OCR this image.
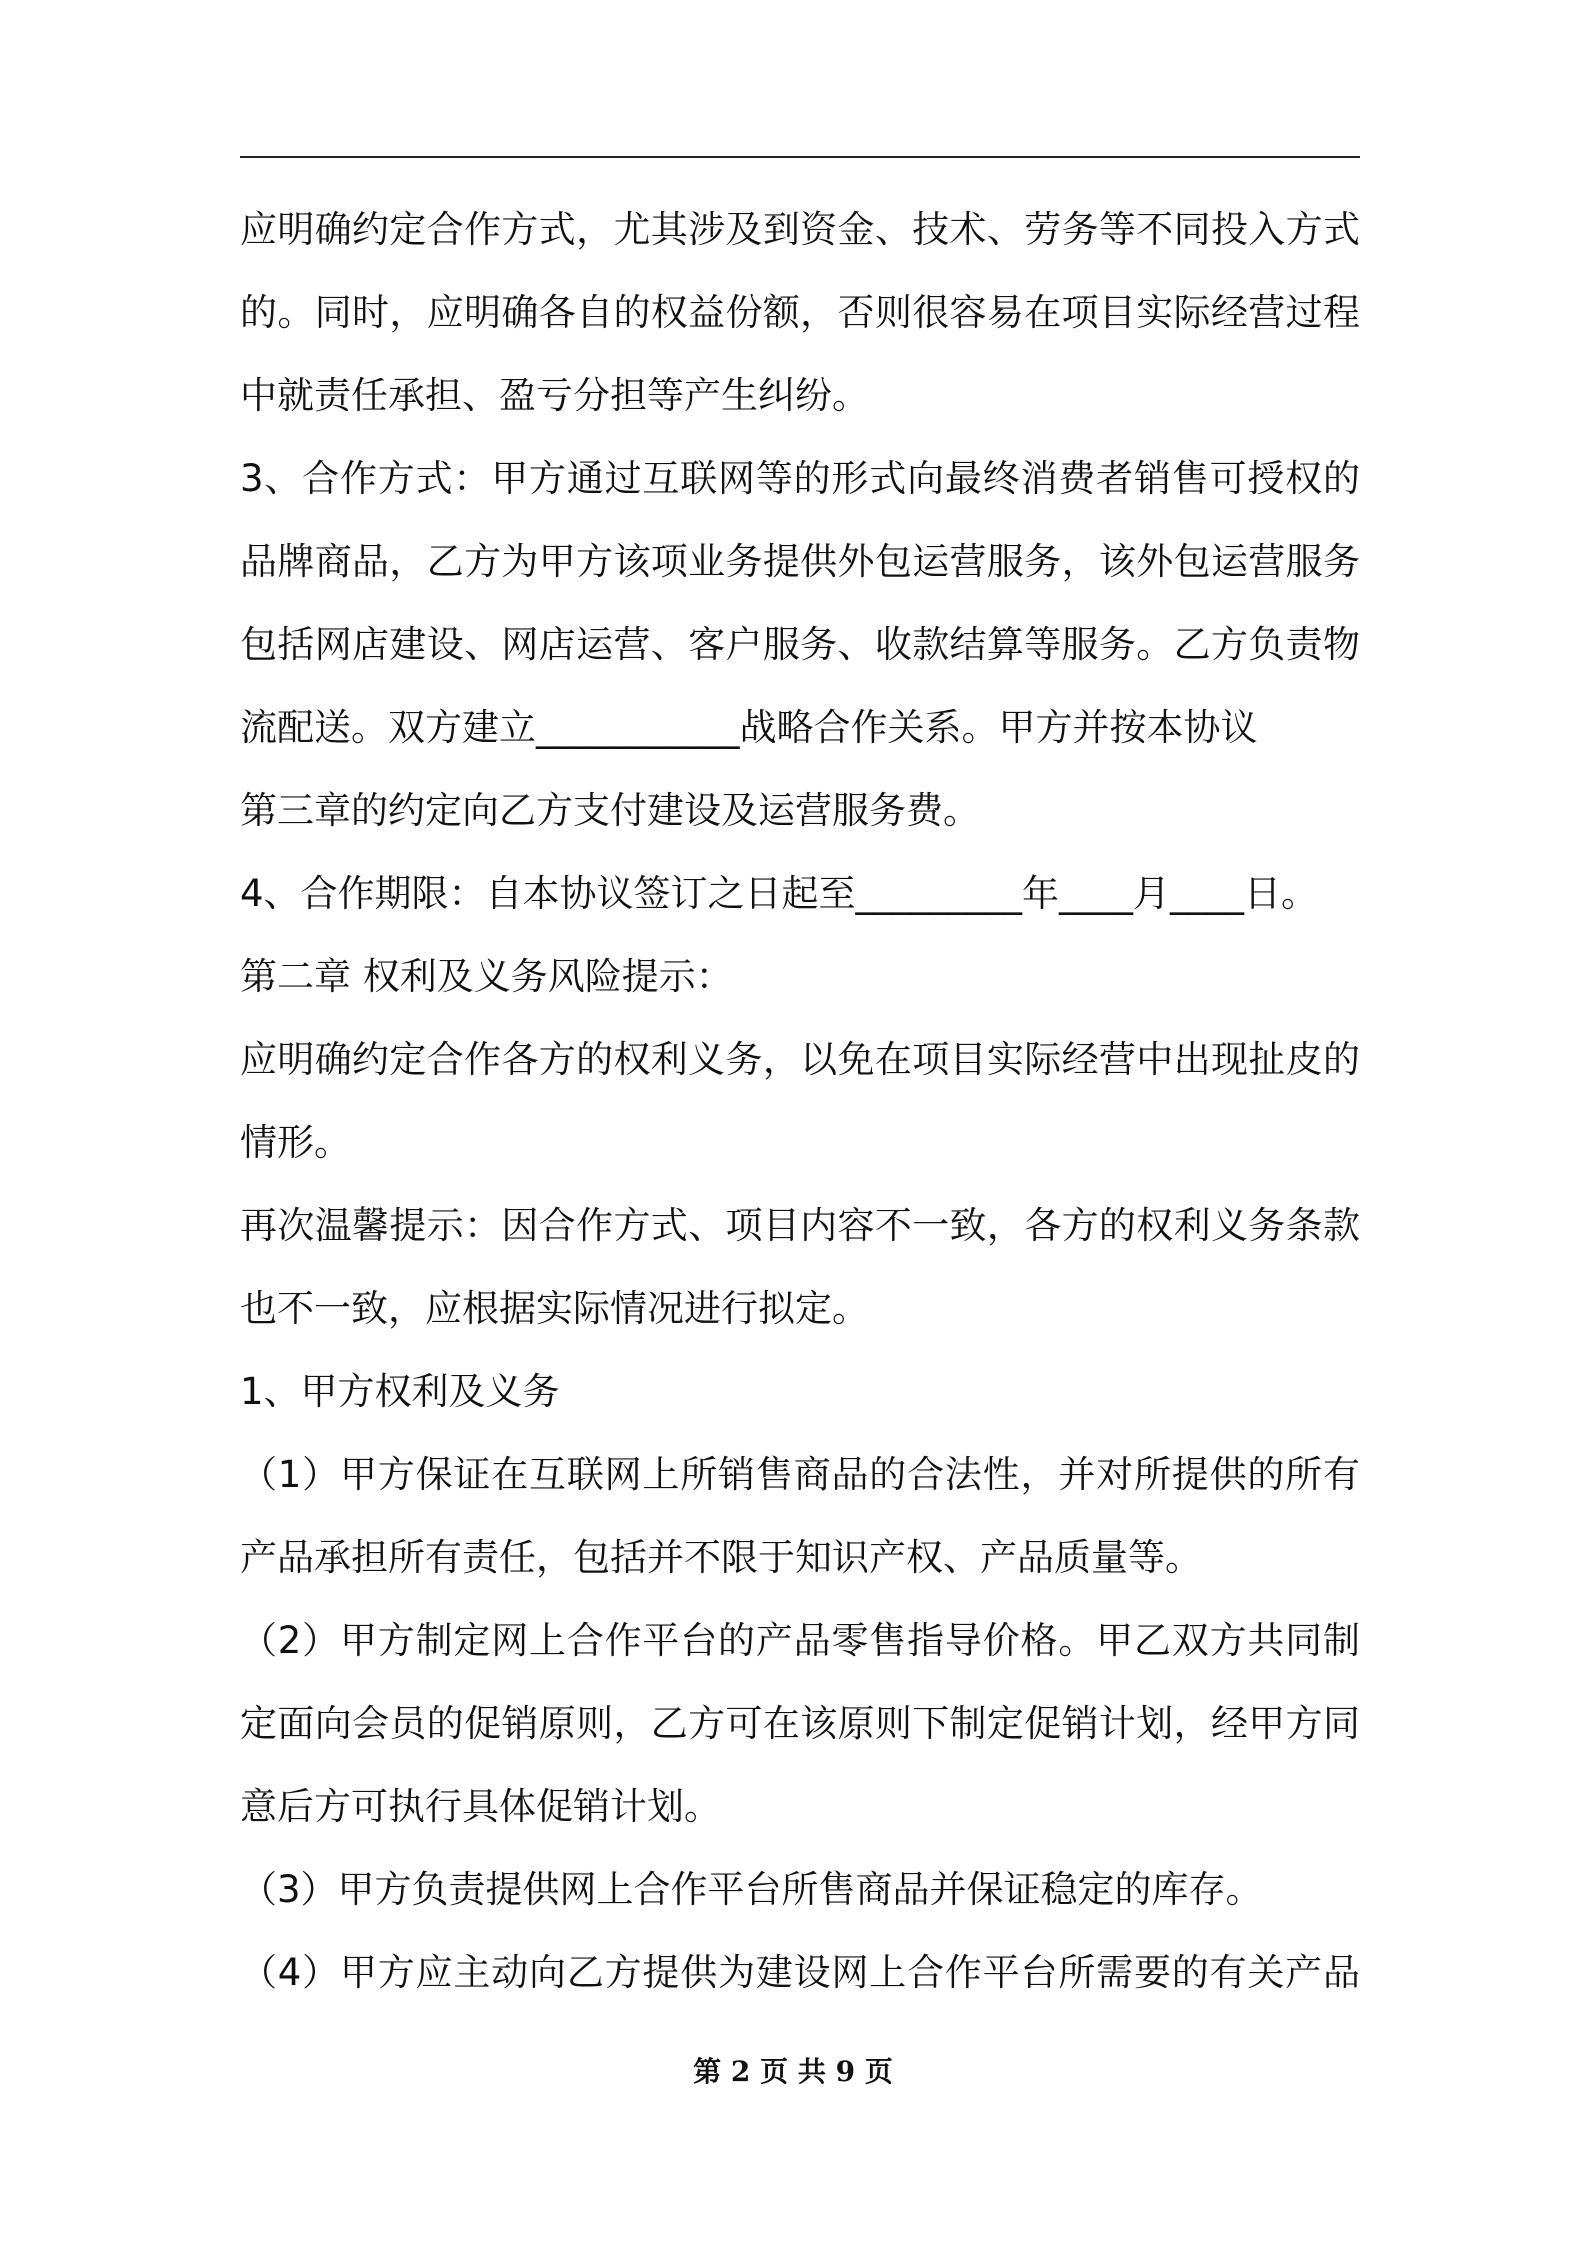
应明确约定合作方式，尤其涉及到资金、技术、劳务等不同投入方式
的。同时，应明确各自的权益份额，否则很容易在项目实际经营过程
中就责任承担、盈亏分担等产生纠纷。
3、合作方式：甲方通过互联网等的形式向最终消费者销售可授权的
品牌商品，乙方为甲方该项业务提供外包运营服务，该外包运营服务
包括网店建设、网店运营、客户服务、收款结算等服务。乙方负责物
流配送。双方建立___________战略合作关系。甲方并按本协议
第三章的约定向乙方支付建设及运营服务费。
4、合作期限：自本协议签订之日起至_________年____月____日。
第二章 权利及义务风险提示：
应明确约定合作各方的权利义务，以免在项目实际经营中出现扯皮的
情形。
再次温馨提示：因合作方式、项目内容不一致，各方的权利义务条款
也不一致，应根据实际情况进行拟定。
1、甲方权利及义务
（1）甲方保证在互联网上所销售商品的合法性，并对所提供的所有
产品承担所有责任，包括并不限于知识产权、产品质量等。
（2）甲方制定网上合作平台的产品零售指导价格。甲乙双方共同制
定面向会员的促销原则，乙方可在该原则下制定促销计划，经甲方同
意后方可执行具体促销计划。
（3）甲方负责提供网上合作平台所售商品并保证稳定的库存。
（4）甲方应主动向乙方提供为建设网上合作平台所需要的有关产品
第 2 页 共 9 页
